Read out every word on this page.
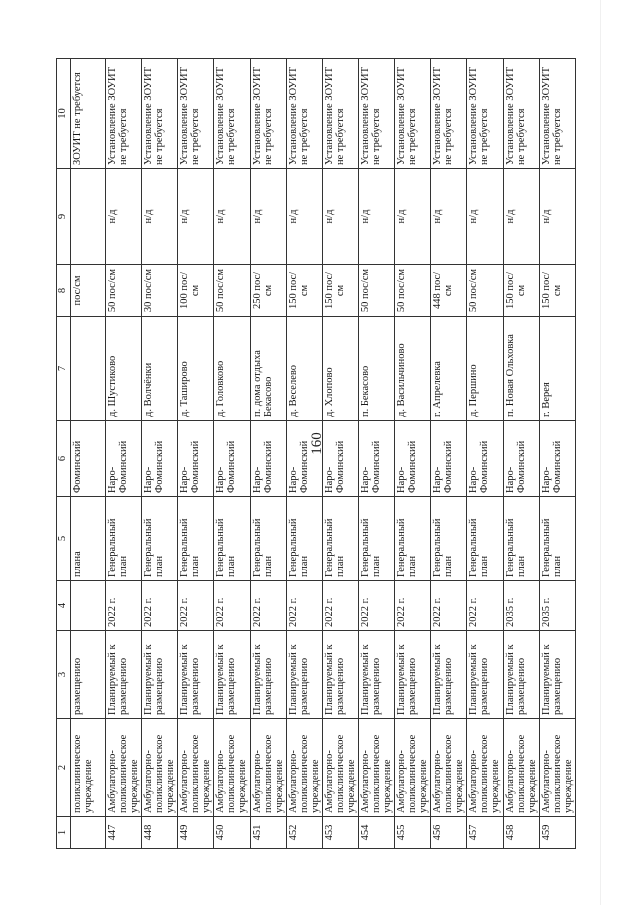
160
1	2	3	4	5	6	7	8	9	10
	поликлиническое учреждение	размещению		плана	Фоминский		пос/см		ЗОУИТ не требуется
447	Амбулаторно-поликлиническое учреждение	Планируемый к размещению	2022 г.	Генеральный план	Наро-Фоминский	д. Шустиково	50 пос/см	н/д	Установление ЗОУИТ не требуется
448	Амбулаторно-поликлиническое учреждение	Планируемый к размещению	2022 г.	Генеральный план	Наро-Фоминский	д. Волчёнки	30 пос/см	н/д	Установление ЗОУИТ не требуется
449	Амбулаторно-поликлиническое учреждение	Планируемый к размещению	2022 г.	Генеральный план	Наро-Фоминский	д. Таширово	100 пос/см	н/д	Установление ЗОУИТ не требуется
450	Амбулаторно-поликлиническое учреждение	Планируемый к размещению	2022 г.	Генеральный план	Наро-Фоминский	д. Головково	50 пос/см	н/д	Установление ЗОУИТ не требуется
451	Амбулаторно-поликлиническое учреждение	Планируемый к размещению	2022 г.	Генеральный план	Наро-Фоминский	п. дома отдыха Бекасово	250 пос/см	н/д	Установление ЗОУИТ не требуется
452	Амбулаторно-поликлиническое учреждение	Планируемый к размещению	2022 г.	Генеральный план	Наро-Фоминский	д. Веселево	150 пос/см	н/д	Установление ЗОУИТ не требуется
453	Амбулаторно-поликлиническое учреждение	Планируемый к размещению	2022 г.	Генеральный план	Наро-Фоминский	д. Хлопово	150 пос/см	н/д	Установление ЗОУИТ не требуется
454	Амбулаторно-поликлиническое учреждение	Планируемый к размещению	2022 г.	Генеральный план	Наро-Фоминский	п. Бекасово	50 пос/см	н/д	Установление ЗОУИТ не требуется
455	Амбулаторно-поликлиническое учреждение	Планируемый к размещению	2022 г.	Генеральный план	Наро-Фоминский	д. Васильчиново	50 пос/см	н/д	Установление ЗОУИТ не требуется
456	Амбулаторно-поликлиническое учреждение	Планируемый к размещению	2022 г.	Генеральный план	Наро-Фоминский	г. Апрелевка	448 пос/см	н/д	Установление ЗОУИТ не требуется
457	Амбулаторно-поликлиническое учреждение	Планируемый к размещению	2022 г.	Генеральный план	Наро-Фоминский	д. Першино	50 пос/см	н/д	Установление ЗОУИТ не требуется
458	Амбулаторно-поликлиническое учреждение	Планируемый к размещению	2035 г.	Генеральный план	Наро-Фоминский	п. Новая Ольховка	150 пос/см	н/д	Установление ЗОУИТ не требуется
459	Амбулаторно-поликлиническое учреждение	Планируемый к размещению	2035 г.	Генеральный план	Наро-Фоминский	г. Верея	150 пос/см	н/д	Установление ЗОУИТ не требуется
